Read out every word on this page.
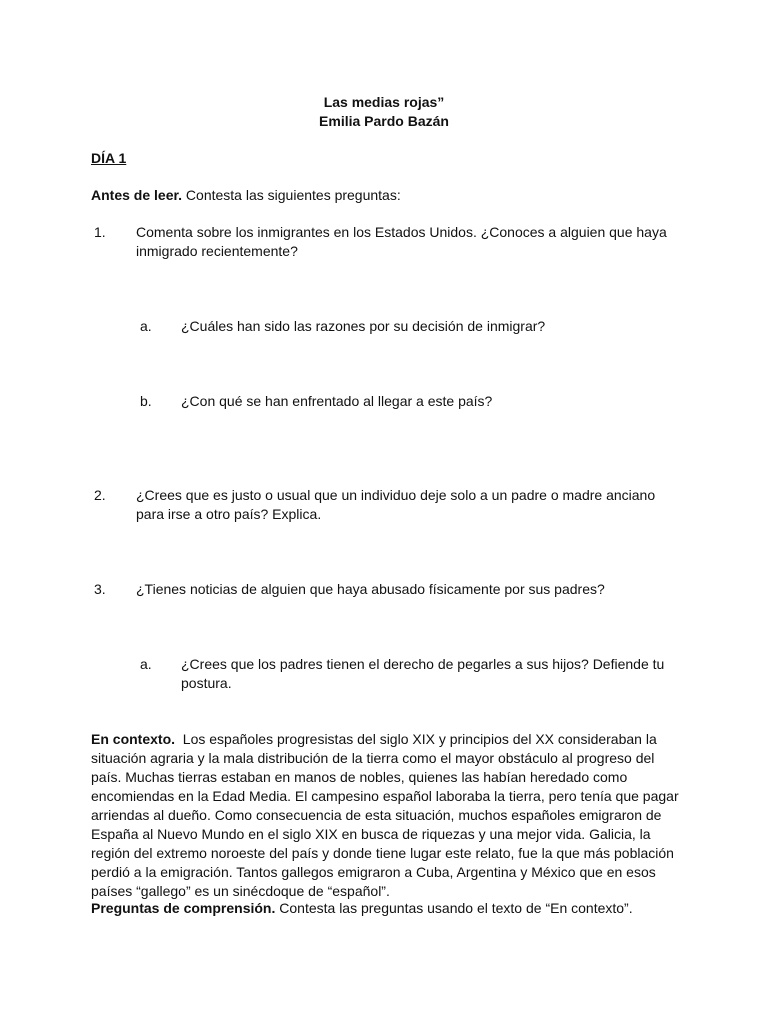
Las medias rojas”
Emilia Pardo Bazán
DÍA 1
Antes de leer. Contesta las siguientes preguntas:
1. Comenta sobre los inmigrantes en los Estados Unidos. ¿Conoces a alguien que haya inmigrado recientemente?
a. ¿Cuáles han sido las razones por su decisión de inmigrar?
b. ¿Con qué se han enfrentado al llegar a este país?
2. ¿Crees que es justo o usual que un individuo deje solo a un padre o madre anciano para irse a otro país? Explica.
3. ¿Tienes noticias de alguien que haya abusado físicamente por sus padres?
a. ¿Crees que los padres tienen el derecho de pegarles a sus hijos? Defiende tu postura.
En contexto.  Los españoles progresistas del siglo XIX y principios del XX consideraban la situación agraria y la mala distribución de la tierra como el mayor obstáculo al progreso del país. Muchas tierras estaban en manos de nobles, quienes las habían heredado como encomiendas en la Edad Media. El campesino español laboraba la tierra, pero tenía que pagar arriendas al dueño. Como consecuencia de esta situación, muchos españoles emigraron de España al Nuevo Mundo en el siglo XIX en busca de riquezas y una mejor vida. Galicia, la región del extremo noroeste del país y donde tiene lugar este relato, fue la que más población perdió a la emigración. Tantos gallegos emigraron a Cuba, Argentina y México que en esos países “gallego” es un sinécdoque de “español”.
Preguntas de comprensión. Contesta las preguntas usando el texto de “En contexto”.
